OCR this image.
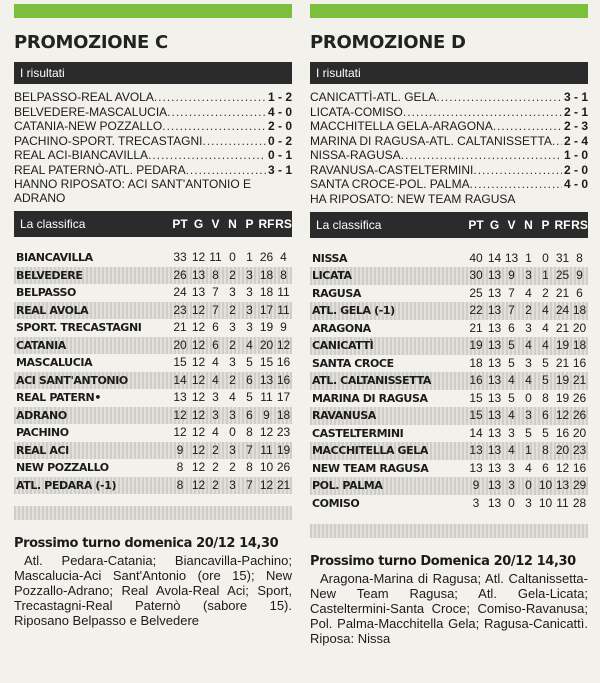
PROMOZIONE C
I risultati
BELPASSO-REAL AVOLA .....	1 - 2
BELVEDERE-MASCALUCIA .....	4 - 0
CATANIA-NEW POZZALLO .....	2 - 0
PACHINO-SPORT. TRECASTAGNI .....	0 - 2
REAL ACI-BIANCAVILLA .....	0 - 1
REAL PATERNÒ-ATL. PEDARA .....	3 - 1
HANNO RIPOSATO: ACI SANT'ANTONIO E ADRANO
La classifica	PT G V N P RF RS
BIANCAVILLA	33 12 11 0 1 26 4
BELVEDERE	26 13 8 2 3 18 8
BELPASSO	24 13 7 3 3 18 11
REAL AVOLA	23 12 7 2 3 17 11
SPORT. TRECASTAGNI	21 12 6 3 3 19 9
CATANIA	20 12 6 2 4 20 12
MASCALUCIA	15 12 4 3 5 15 16
ACI SANT'ANTONIO	14 12 4 2 6 13 16
REAL PATERN•	13 12 3 4 5 11 17
ADRANO	12 12 3 3 6 9 18
PACHINO	12 12 4 0 8 12 23
REAL ACI	9 12 2 3 7 11 19
NEW POZZALLO	8 12 2 2 8 10 26
ATL. PEDARA (-1)	8 12 2 3 7 12 21
Prossimo turno domenica 20/12 14,30
Atl. Pedara-Catania; Biancavilla-Pachino; Mascalucia-Aci Sant'Antonio (ore 15); New Pozzallo-Adrano; Real Avola-Real Aci; Sport, Trecastagni-Real Paternò (sabore 15). Riposano Belpasso e Belvedere
PROMOZIONE D
I risultati
CANICATTÌ-ATL. GELA .....	3 - 1
LICATA-COMISO .....	2 - 1
MACCHITELLA GELA-ARAGONA .....	2 - 3
MARINA DI RAGUSA-ATL. CALTANISSETTA ..... 2 - 4
NISSA-RAGUSA .....	1 - 0
RAVANUSA-CASTELTERMINI .....	2 - 0
SANTA CROCE-POL. PALMA .....	4 - 0
HA RIPOSATO: NEW TEAM RAGUSA
La classifica	PT G V N P RF RS
NISSA	40 14 13 1 0 31 8
LICATA	30 13 9 3 1 25 9
RAGUSA	25 13 7 4 2 21 6
ATL. GELA (-1)	22 13 7 2 4 24 18
ARAGONA	21 13 6 3 4 21 20
CANICATTÌ	19 13 5 4 4 19 18
SANTA CROCE	18 13 5 3 5 21 16
ATL. CALTANISSETTA	16 13 4 4 5 19 21
MARINA DI RAGUSA	15 13 5 0 8 19 26
RAVANUSA	15 13 4 3 6 12 26
CASTELTERMINI	14 13 3 5 5 16 20
MACCHITELLA GELA	13 13 4 1 8 20 23
NEW TEAM RAGUSA	13 13 3 4 6 12 16
POL. PALMA	9 13 3 0 10 13 29
COMISO	3 13 0 3 10 11 28
Prossimo turno Domenica 20/12 14,30
Aragona-Marina di Ragusa; Atl. Caltanissetta-New Team Ragusa; Atl. Gela-Licata; Casteltermini-Santa Croce; Comiso-Ravanusa; Pol. Palma-Macchitella Gela; Ragusa-Canicattì. Riposa: Nissa
